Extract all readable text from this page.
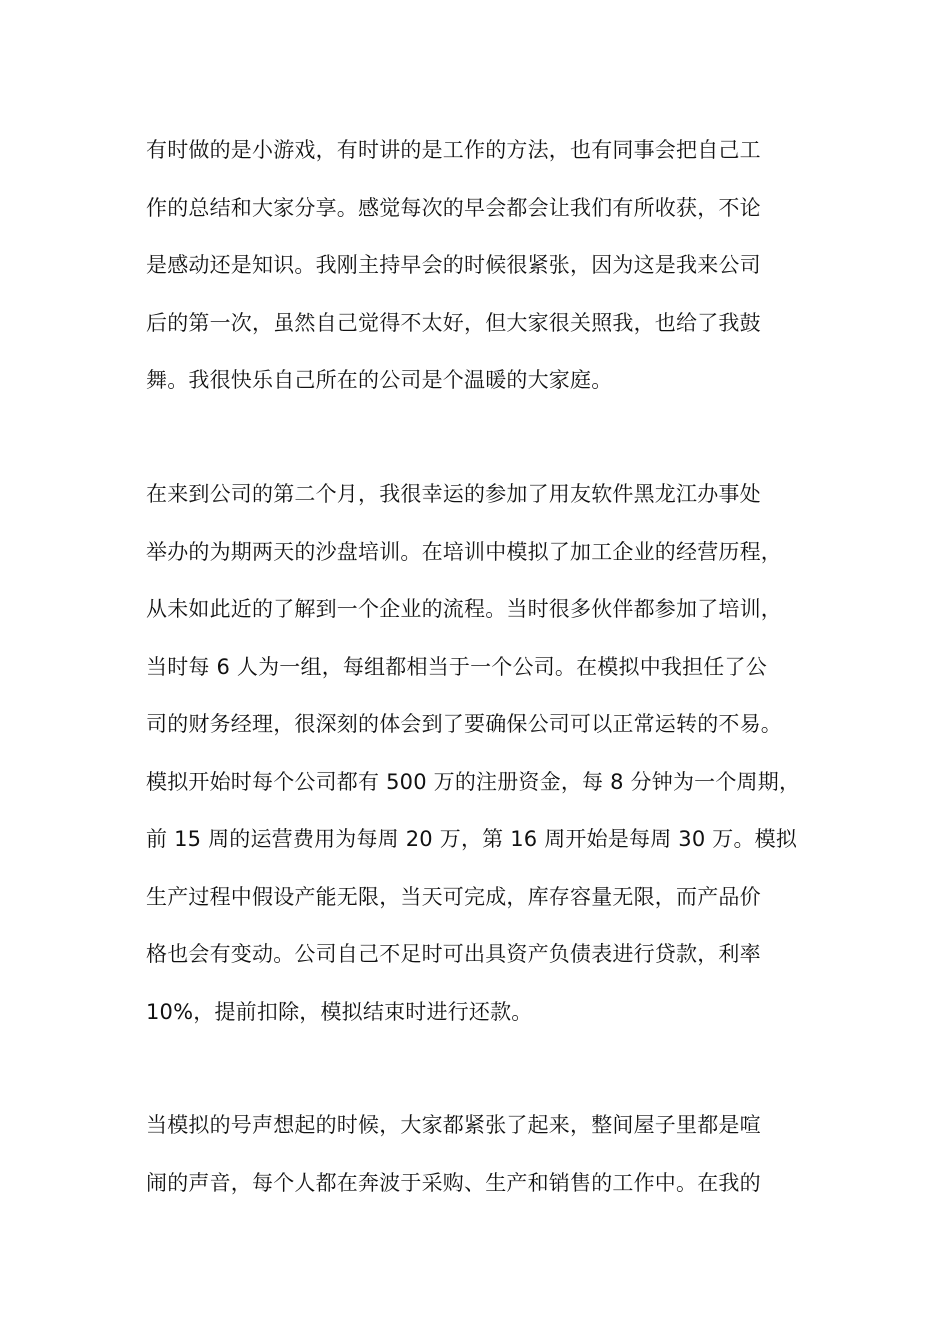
有时做的是小游戏，有时讲的是工作的方法，也有同事会把自己工
作的总结和大家分享。感觉每次的早会都会让我们有所收获，不论
是感动还是知识。我刚主持早会的时候很紧张，因为这是我来公司
后的第一次，虽然自己觉得不太好，但大家很关照我，也给了我鼓
舞。我很快乐自己所在的公司是个温暖的大家庭。
在来到公司的第二个月，我很幸运的参加了用友软件黑龙江办事处
举办的为期两天的沙盘培训。在培训中模拟了加工企业的经营历程，
从未如此近的了解到一个企业的流程。当时很多伙伴都参加了培训，
当时每 6 人为一组，每组都相当于一个公司。在模拟中我担任了公
司的财务经理，很深刻的体会到了要确保公司可以正常运转的不易。
模拟开始时每个公司都有 500 万的注册资金，每 8 分钟为一个周期，
前 15 周的运营费用为每周 20 万，第 16 周开始是每周 30 万。模拟
生产过程中假设产能无限，当天可完成，库存容量无限，而产品价
格也会有变动。公司自己不足时可出具资产负债表进行贷款，利率
10%，提前扣除，模拟结束时进行还款。
当模拟的号声想起的时候，大家都紧张了起来，整间屋子里都是喧
闹的声音，每个人都在奔波于采购、生产和销售的工作中。在我的
